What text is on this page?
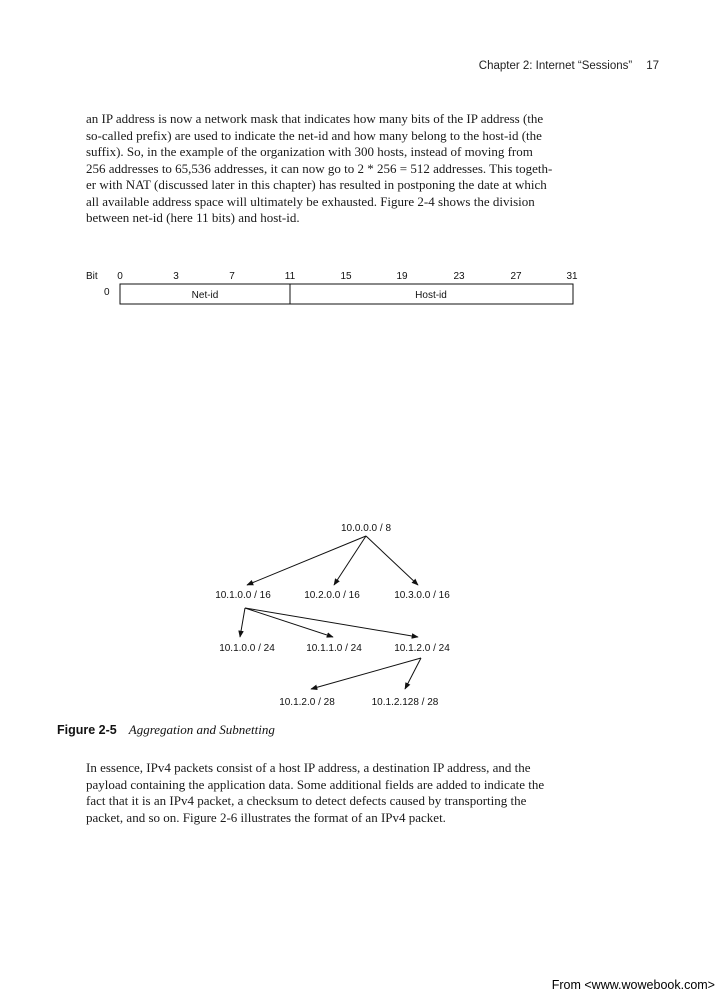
Chapter 2: Internet “Sessions” 17
an IP address is now a network mask that indicates how many bits of the IP address (the
so-called prefix) are used to indicate the net-id and how many belong to the host-id (the
suffix). So, in the example of the organization with 300 hosts, instead of moving from
256 addresses to 65,536 addresses, it can now go to 2 * 256 = 512 addresses. This togeth-
er with NAT (discussed later in this chapter) has resulted in postponing the date at which
all available address space will ultimately be exhausted. Figure 2-4 shows the division
between net-id (here 11 bits) and host-id.
Bit
0
0	3	7	11	15	19	23	27	31
Net-id	Host-id
10.0.0.0 / 8
10.1.0.0 / 16	10.2.0.0 / 16	10.3.0.0 / 16
10.1.0.0 / 24	10.1.1.0 / 24	10.1.2.0 / 24
10.1.2.0 / 28	10.1.2.128 / 28
Figure 2-5 Aggregation and Subnetting
In essence, IPv4 packets consist of a host IP address, a destination IP address, and the
payload containing the application data. Some additional fields are added to indicate the
fact that it is an IPv4 packet, a checksum to detect defects caused by transporting the
packet, and so on. Figure 2-6 illustrates the format of an IPv4 packet.
From <www.wowebook.com>
